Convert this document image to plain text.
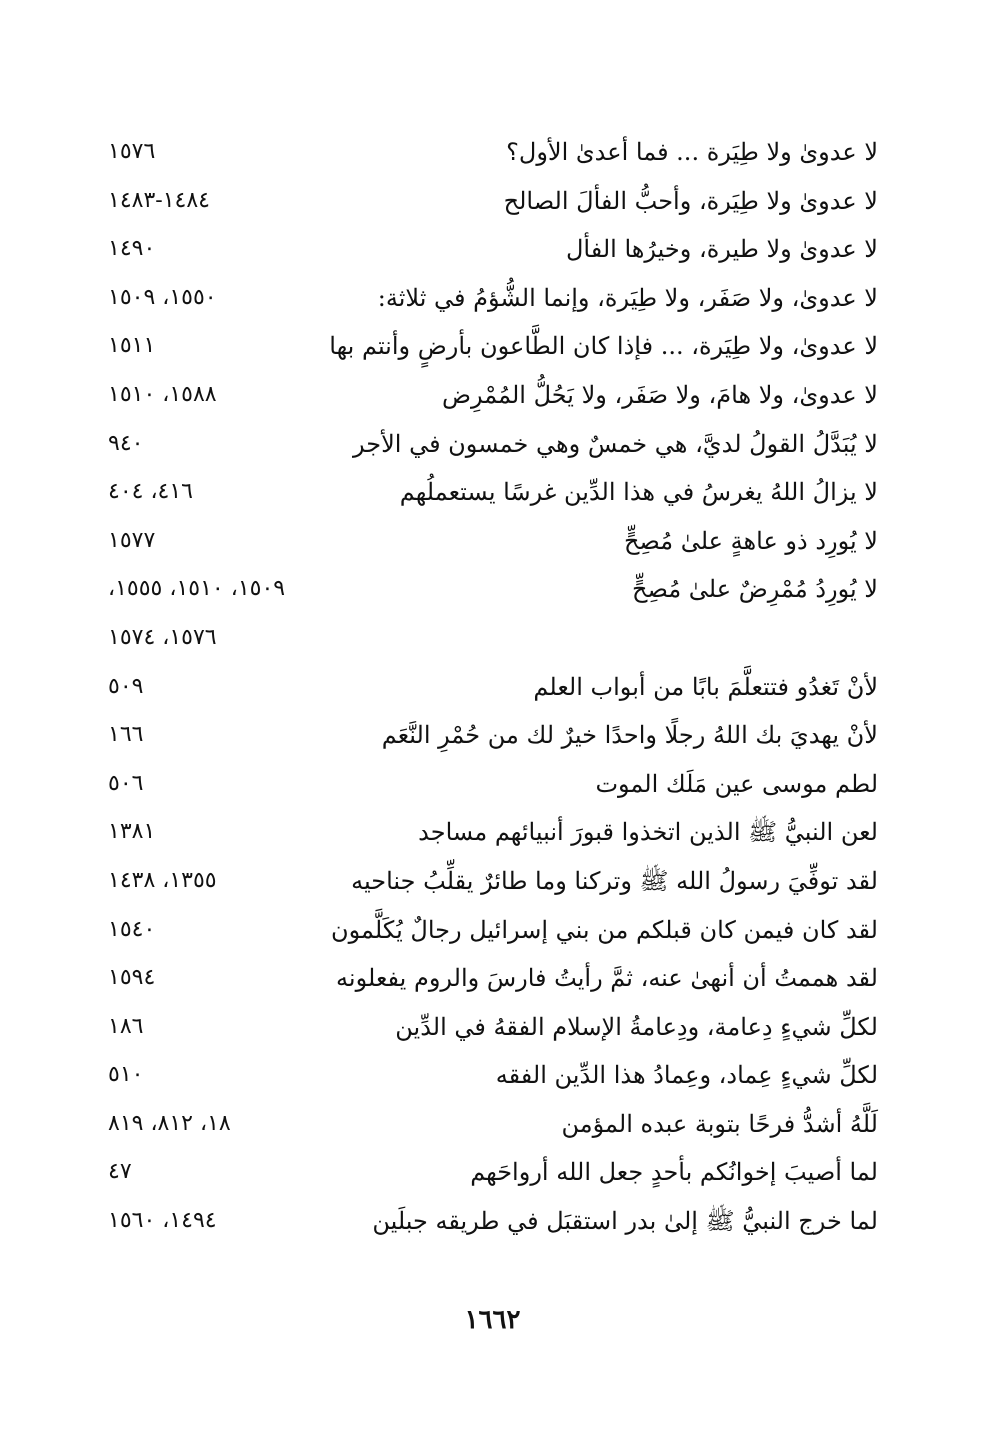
لا عدوىٰ ولا طِيَرة ... فما أعدىٰ الأول؟
١٥٧٦
لا عدوىٰ ولا طِيَرة، وأحبُّ الفألَ الصالح
١٤٨٤-١٤٨٣
لا عدوىٰ ولا طيرة، وخيرُها الفأل
١٤٩٠
لا عدوىٰ، ولا صَفَر، ولا طِيَرة، وإنما الشُّؤمُ في ثلاثة:
١٥٥٠، ١٥٠٩
لا عدوىٰ، ولا طِيَرة، ... فإذا كان الطَّاعون بأرضٍ وأنتم بها
١٥١١
لا عدوىٰ، ولا هامَ، ولا صَفَر، ولا يَحُلُّ المُمْرِض
١٥٨٨، ١٥١٠
لا يُبَدَّلُ القولُ لديَّ، هي خمسٌ وهي خمسون في الأجر
٩٤٠
لا يزالُ اللهُ يغرسُ في هذا الدِّين غرسًا يستعملُهم
٤١٦، ٤٠٤
لا يُورِد ذو عاهةٍ علىٰ مُصِحٍّ
١٥٧٧
لا يُورِدُ مُمْرِضٌ علىٰ مُصِحٍّ
١٥٠٩، ١٥١٠، ١٥٥٥،
١٥٧٦، ١٥٧٤
لأنْ تَغدُو فتتعلَّمَ بابًا من أبواب العلم
٥٠٩
لأنْ يهديَ بك اللهُ رجلًا واحدًا خيرٌ لك من حُمْرِ النَّعَم
١٦٦
لطم موسى عين مَلَك الموت
٥٠٦
لعن النبيُّ ﷺ الذين اتخذوا قبورَ أنبيائهم مساجد
١٣٨١
لقد توفِّيَ رسولُ الله ﷺ وتركنا وما طائرٌ يقلِّبُ جناحيه
١٣٥٥، ١٤٣٨
لقد كان فيمن كان قبلكم من بني إسرائيل رجالٌ يُكَلَّمون
١٥٤٠
لقد هممتُ أن أنهىٰ عنه، ثمَّ رأيتُ فارسَ والروم يفعلونه
١٥٩٤
لكلِّ شيءٍ دِعامة، ودِعامةُ الإسلام الفقهُ في الدِّين
١٨٦
لكلِّ شيءٍ عِماد، وعِمادُ هذا الدِّين الفقه
٥١٠
لَلَّهُ أشدُّ فرحًا بتوبة عبده المؤمن
١٨، ٨١٢، ٨١٩
لما أصيبَ إخوانُكم بأحدٍ جعل الله أرواحَهم
٤٧
لما خرج النبيُّ ﷺ إلىٰ بدر استقبَل في طريقه جبلَين
١٤٩٤، ١٥٦٠
١٦٦٢
